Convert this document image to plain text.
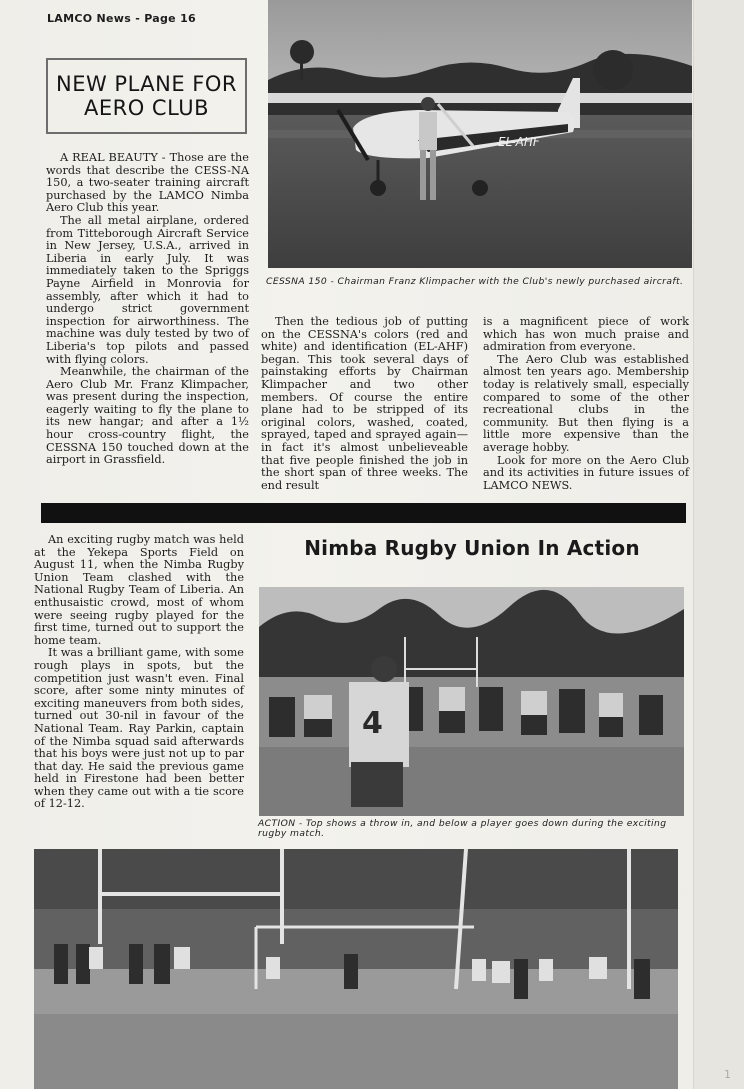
LAMCO News - Page 16
NEW PLANE FOR AERO CLUB
EL-AHF
CESSNA 150 - Chairman Franz Klimpacher with the Club's newly purchased aircraft.

A REAL BEAUTY - Those are the words that describe the CESS-NA 150, a two-seater training aircraft purchased by the LAMCO Nimba Aero Club this year.

The all metal airplane, ordered from Titteborough Aircraft Service in New Jersey, U.S.A., arrived in Liberia in early July. It was immediately taken to the Spriggs Payne Airfield in Monrovia for assembly, after which it had to undergo strict government inspection for airworthiness. The machine was duly tested by two of Liberia's top pilots and passed with flying colors.

Meanwhile, the chairman of the Aero Club Mr. Franz Klimpacher, was present during the inspection, eagerly waiting to fly the plane to its new hangar; and after a 1½ hour cross-country flight, the CESSNA 150 touched down at the airport in Grassfield.

Then the tedious job of putting on the CESSNA's colors (red and white) and identification (EL-AHF) began. This took several days of painstaking efforts by Chairman Klimpacher and two other members. Of course the entire plane had to be stripped of its original colors, washed, coated, sprayed, taped and sprayed again—in fact it's almost unbelieveable that five people finished the job in the short span of three weeks. The end result

is a magnificent piece of work which has won much praise and admiration from everyone.

The Aero Club was established almost ten years ago. Membership today is relatively small, especially compared to some of the other recreational clubs in the community. But then flying is a little more expensive than the average hobby.

Look for more on the Aero Club and its activities in future issues of LAMCO NEWS.

Nimba Rugby Union In Action

An exciting rugby match was held at the Yekepa Sports Field on August 11, when the Nimba Rugby Union Team clashed with the National Rugby Team of Liberia. An enthusaistic crowd, most of whom were seeing rugby played for the first time, turned out to support the home team.

It was a brilliant game, with some rough plays in spots, but the competition just wasn't even. Final score, after some ninty minutes of exciting maneuvers from both sides, turned out 30-nil in favour of the National Team. Ray Parkin, captain of the Nimba squad said afterwards that his boys were just not up to par that day. He said the previous game held in Firestone had been better when they came out with a tie score of 12-12.

4
ACTION - Top shows a throw in, and below a player goes down during the exciting rugby match.
1
